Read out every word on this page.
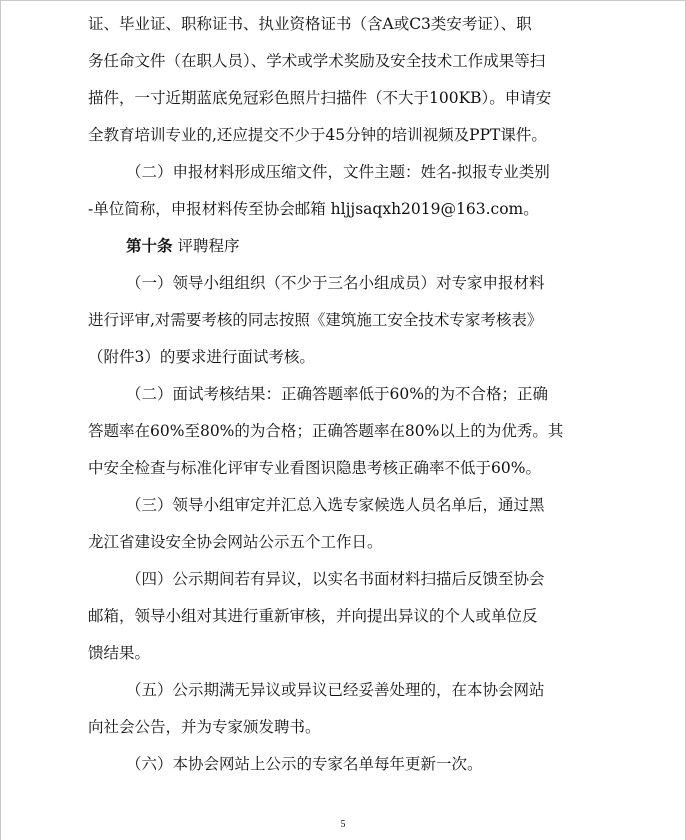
证、毕业证、职称证书、执业资格证书（含A或C3类安考证）、职
务任命文件（在职人员）、学术或学术奖励及安全技术工作成果等扫
描件，一寸近期蓝底免冠彩色照片扫描件（不大于100KB）。申请安
全教育培训专业的,还应提交不少于45分钟的培训视频及PPT课件。
（二）申报材料形成压缩文件，文件主题：姓名-拟报专业类别
-单位简称，申报材料传至协会邮箱 hljjsaqxh2019@163.com。
第十条 评聘程序
（一）领导小组组织（不少于三名小组成员）对专家申报材料
进行评审,对需要考核的同志按照《建筑施工安全技术专家考核表》
（附件3）的要求进行面试考核。
（二）面试考核结果：正确答题率低于60%的为不合格；正确
答题率在60%至80%的为合格；正确答题率在80%以上的为优秀。其
中安全检查与标准化评审专业看图识隐患考核正确率不低于60%。
（三）领导小组审定并汇总入选专家候选人员名单后，通过黑
龙江省建设安全协会网站公示五个工作日。
（四）公示期间若有异议，以实名书面材料扫描后反馈至协会
邮箱，领导小组对其进行重新审核，并向提出异议的个人或单位反
馈结果。
（五）公示期满无异议或异议已经妥善处理的，在本协会网站
向社会公告，并为专家颁发聘书。
（六）本协会网站上公示的专家名单每年更新一次。
5
